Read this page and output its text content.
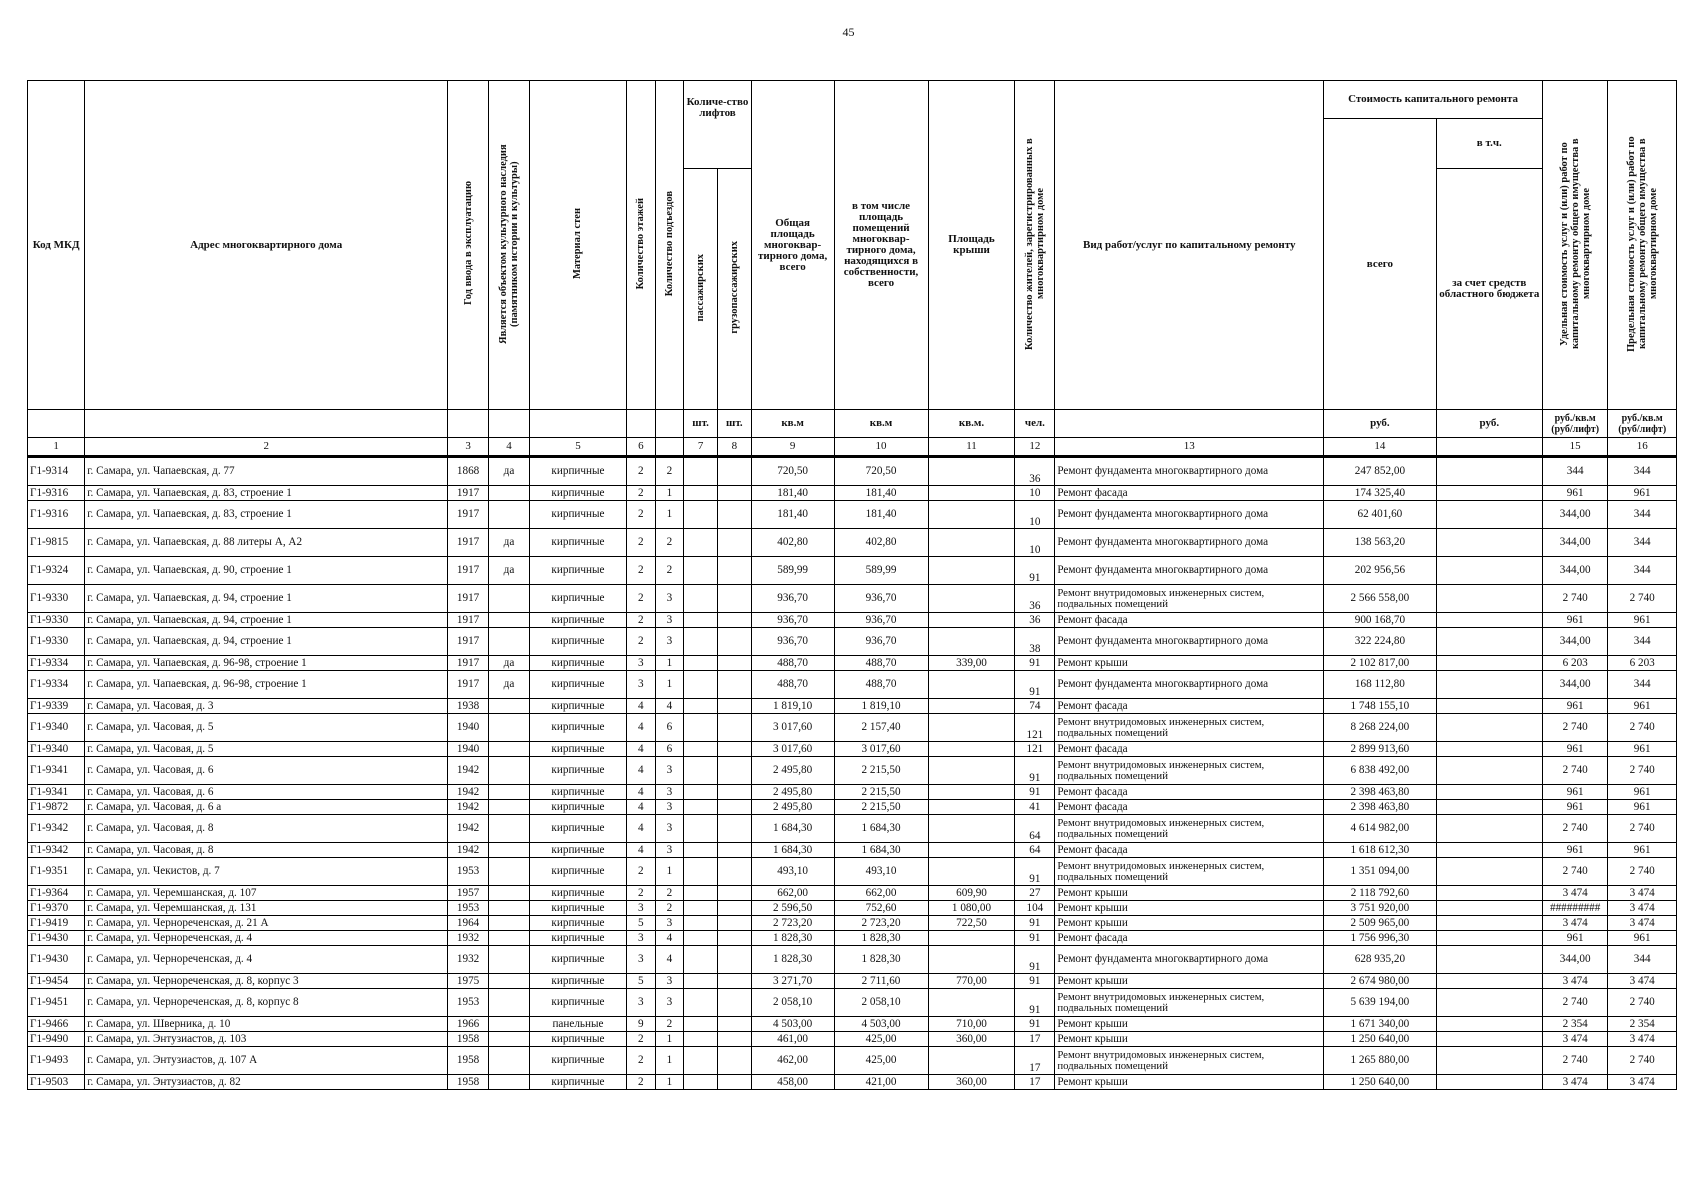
45
Код МКД	Адрес многоквартирного дома	Год ввода в эксплуатацию	Является объектом культурного наследия (памятником истории и культуры)	Материал стен	Количество этажей	Количество подъездов	Количе-ство лифтов		Общая площадь многоквар-тирного дома, всего	в том числе площадь помещений многоквар-тирного дома, находящихся в собственности, всего	Площадь крыши	Количество жителей, зарегистрированных в многоквартирном доме	Вид работ/услуг по капитальному ремонту	Стоимость капитального ремонта		Удельная стоимость услуг и (или) работ по капитальному ремонту общего имущества в многоквартирном доме	Предельная стоимость услуг и (или) работ по капитальному ремонту общего имущества в многоквартирном доме
														всего	в т.ч.		
							пассажирских	грузопассажирских							за счет средств областного бюджета		
							шт.	шт.	кв.м	кв.м	кв.м.	чел.		руб.	руб.	руб./кв.м (руб/лифт)	руб./кв.м (руб/лифт)
1	2	3	4	5	6		7	8	9	10	11	12	13	14		15	16
Г1-9314	г. Самара, ул. Чапаевская, д. 77	1868	да	кирпичные	2	2			720,50	720,50		36	Ремонт фундамента многоквартирного дома	247 852,00		344	344
Г1-9316	г. Самара, ул. Чапаевская, д. 83, строение 1	1917		кирпичные	2	1			181,40	181,40		10	Ремонт фасада	174 325,40		961	961
Г1-9316	г. Самара, ул. Чапаевская, д. 83, строение 1	1917		кирпичные	2	1			181,40	181,40		10	Ремонт фундамента многоквартирного дома	62 401,60		344,00	344
Г1-9815	г. Самара, ул. Чапаевская, д. 88 литеры А, А2	1917	да	кирпичные	2	2			402,80	402,80		10	Ремонт фундамента многоквартирного дома	138 563,20		344,00	344
Г1-9324	г. Самара, ул. Чапаевская, д. 90, строение 1	1917	да	кирпичные	2	2			589,99	589,99		91	Ремонт фундамента многоквартирного дома	202 956,56		344,00	344
Г1-9330	г. Самара, ул. Чапаевская, д. 94, строение 1	1917		кирпичные	2	3			936,70	936,70		36	Ремонт внутридомовых инженерных систем, подвальных помещений	2 566 558,00		2 740	2 740
Г1-9330	г. Самара, ул. Чапаевская, д. 94, строение 1	1917		кирпичные	2	3			936,70	936,70		36	Ремонт фасада	900 168,70		961	961
Г1-9330	г. Самара, ул. Чапаевская, д. 94, строение 1	1917		кирпичные	2	3			936,70	936,70		38	Ремонт фундамента многоквартирного дома	322 224,80		344,00	344
Г1-9334	г. Самара, ул. Чапаевская, д. 96-98, строение 1	1917	да	кирпичные	3	1			488,70	488,70	339,00	91	Ремонт крыши	2 102 817,00		6 203	6 203
Г1-9334	г. Самара, ул. Чапаевская, д. 96-98, строение 1	1917	да	кирпичные	3	1			488,70	488,70		91	Ремонт фундамента многоквартирного дома	168 112,80		344,00	344
Г1-9339	г. Самара, ул. Часовая, д. 3	1938		кирпичные	4	4			1 819,10	1 819,10		74	Ремонт фасада	1 748 155,10		961	961
Г1-9340	г. Самара, ул. Часовая, д. 5	1940		кирпичные	4	6			3 017,60	2 157,40		121	Ремонт внутридомовых инженерных систем, подвальных помещений	8 268 224,00		2 740	2 740
Г1-9340	г. Самара, ул. Часовая, д. 5	1940		кирпичные	4	6			3 017,60	3 017,60		121	Ремонт фасада	2 899 913,60		961	961
Г1-9341	г. Самара, ул. Часовая, д. 6	1942		кирпичные	4	3			2 495,80	2 215,50		91	Ремонт внутридомовых инженерных систем, подвальных помещений	6 838 492,00		2 740	2 740
Г1-9341	г. Самара, ул. Часовая, д. 6	1942		кирпичные	4	3			2 495,80	2 215,50		91	Ремонт фасада	2 398 463,80		961	961
Г1-9872	г. Самара, ул. Часовая, д. 6 а	1942		кирпичные	4	3			2 495,80	2 215,50		41	Ремонт фасада	2 398 463,80		961	961
Г1-9342	г. Самара, ул. Часовая, д. 8	1942		кирпичные	4	3			1 684,30	1 684,30		64	Ремонт внутридомовых инженерных систем, подвальных помещений	4 614 982,00		2 740	2 740
Г1-9342	г. Самара, ул. Часовая, д. 8	1942		кирпичные	4	3			1 684,30	1 684,30		64	Ремонт фасада	1 618 612,30		961	961
Г1-9351	г. Самара, ул. Чекистов, д. 7	1953		кирпичные	2	1			493,10	493,10		91	Ремонт внутридомовых инженерных систем, подвальных помещений	1 351 094,00		2 740	2 740
Г1-9364	г. Самара, ул. Черемшанская, д. 107	1957		кирпичные	2	2			662,00	662,00	609,90	27	Ремонт крыши	2 118 792,60		3 474	3 474
Г1-9370	г. Самара, ул. Черемшанская, д. 131	1953		кирпичные	3	2			2 596,50	752,60	1 080,00	104	Ремонт крыши	3 751 920,00		#########	3 474
Г1-9419	г. Самара, ул. Чернореченская, д. 21 А	1964		кирпичные	5	3			2 723,20	2 723,20	722,50	91	Ремонт крыши	2 509 965,00		3 474	3 474
Г1-9430	г. Самара, ул. Чернореченская, д. 4	1932		кирпичные	3	4			1 828,30	1 828,30		91	Ремонт фасада	1 756 996,30		961	961
Г1-9430	г. Самара, ул. Чернореченская, д. 4	1932		кирпичные	3	4			1 828,30	1 828,30		91	Ремонт фундамента многоквартирного дома	628 935,20		344,00	344
Г1-9454	г. Самара, ул. Чернореченская, д. 8, корпус 3	1975		кирпичные	5	3			3 271,70	2 711,60	770,00	91	Ремонт крыши	2 674 980,00		3 474	3 474
Г1-9451	г. Самара, ул. Чернореченская, д. 8, корпус 8	1953		кирпичные	3	3			2 058,10	2 058,10		91	Ремонт внутридомовых инженерных систем, подвальных помещений	5 639 194,00		2 740	2 740
Г1-9466	г. Самара, ул. Шверника, д. 10	1966		панельные	9	2			4 503,00	4 503,00	710,00	91	Ремонт крыши	1 671 340,00		2 354	2 354
Г1-9490	г. Самара, ул. Энтузиастов, д. 103	1958		кирпичные	2	1			461,00	425,00	360,00	17	Ремонт крыши	1 250 640,00		3 474	3 474
Г1-9493	г. Самара, ул. Энтузиастов, д. 107 А	1958		кирпичные	2	1			462,00	425,00		17	Ремонт внутридомовых инженерных систем, подвальных помещений	1 265 880,00		2 740	2 740
Г1-9503	г. Самара, ул. Энтузиастов, д. 82	1958		кирпичные	2	1			458,00	421,00	360,00	17	Ремонт крыши	1 250 640,00		3 474	3 474
